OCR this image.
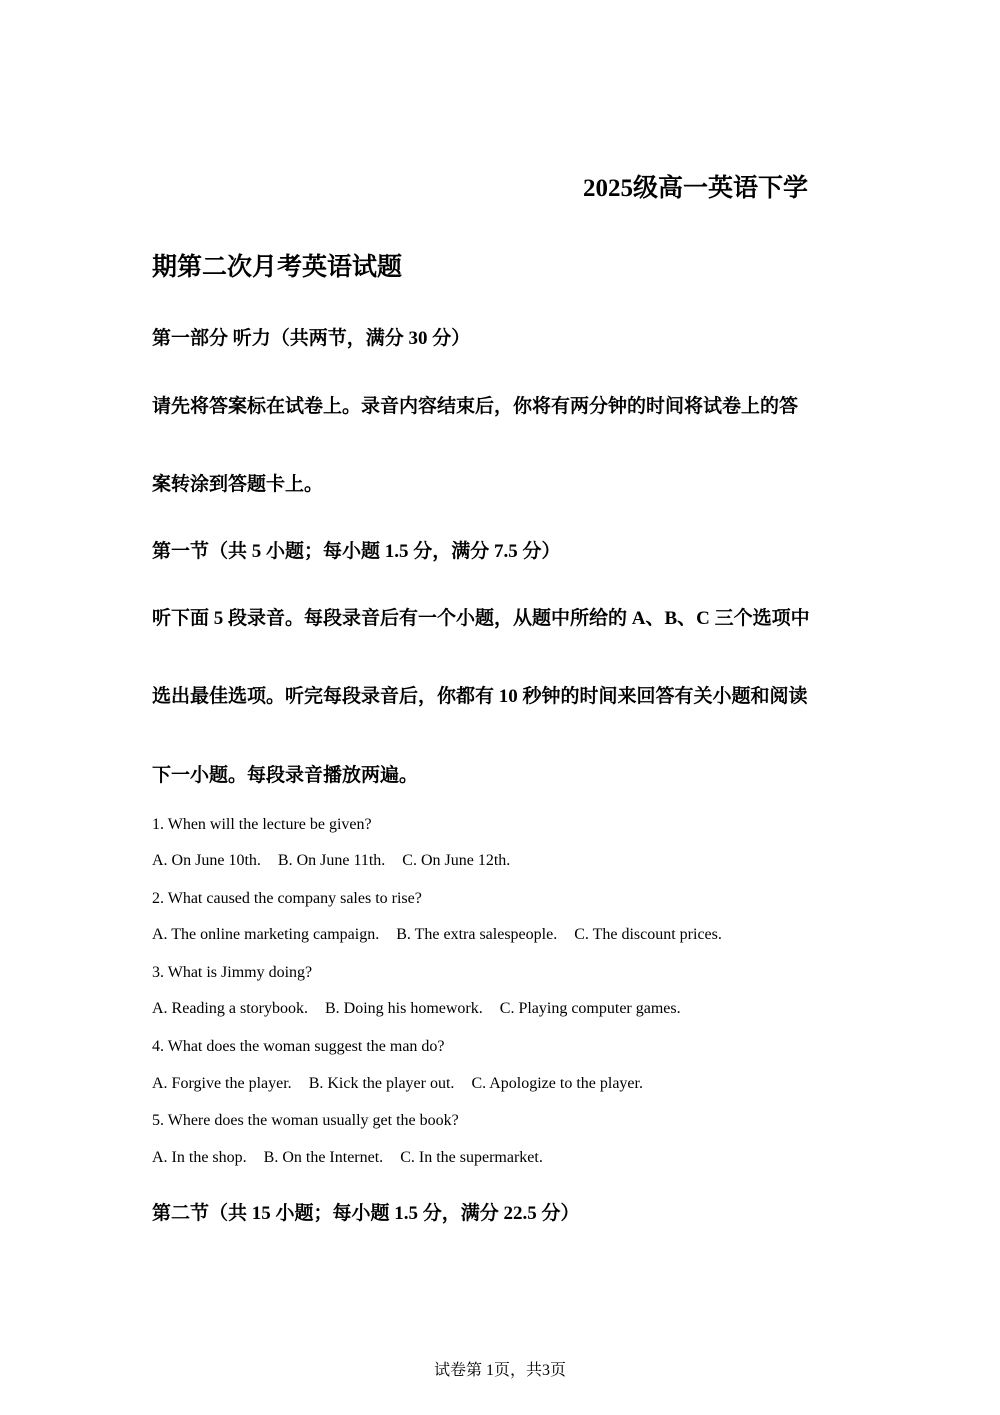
2025级高一英语下学
期第二次月考英语试题
第一部分 听力（共两节，满分 30 分）
请先将答案标在试卷上。录音内容结束后，你将有两分钟的时间将试卷上的答
案转涂到答题卡上。
第一节（共 5 小题；每小题 1.5 分，满分 7.5 分）
听下面 5 段录音。每段录音后有一个小题，从题中所给的 A、B、C 三个选项中
选出最佳选项。听完每段录音后，你都有 10 秒钟的时间来回答有关小题和阅读
下一小题。每段录音播放两遍。
1. When will the lecture be given?
A. On June 10th. B. On June 11th. C. On June 12th.
2. What caused the company sales to rise?
A. The online marketing campaign. B. The extra salespeople. C. The discount prices.
3. What is Jimmy doing?
A. Reading a storybook. B. Doing his homework. C. Playing computer games.
4. What does the woman suggest the man do?
A. Forgive the player. B. Kick the player out. C. Apologize to the player.
5. Where does the woman usually get the book?
A. In the shop. B. On the Internet. C. In the supermarket.
第二节（共 15 小题；每小题 1.5 分，满分 22.5 分）
试卷第 1页，共3页
